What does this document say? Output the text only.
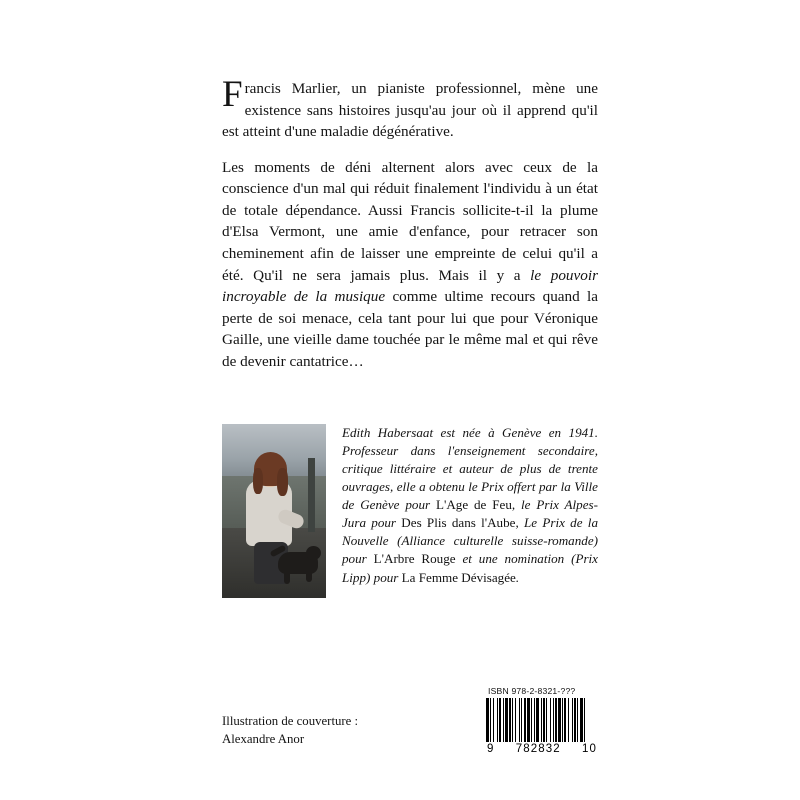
Francis Marlier, un pianiste professionnel, mène une existence sans histoires jusqu'au jour où il apprend qu'il est atteint d'une maladie dégénérative.

Les moments de déni alternent alors avec ceux de la conscience d'un mal qui réduit finalement l'individu à un état de totale dépendance. Aussi Francis sollicite-t-il la plume d'Elsa Vermont, une amie d'enfance, pour retracer son cheminement afin de laisser une empreinte de celui qu'il a été. Qu'il ne sera jamais plus. Mais il y a le pouvoir incroyable de la musique comme ultime recours quand la perte de soi menace, cela tant pour lui que pour Véronique Gaille, une vieille dame touchée par le même mal et qui rêve de devenir cantatrice…

Edith Habersaat est née à Genève en 1941. Professeur dans l'enseignement secondaire, critique littéraire et auteur de plus de trente ouvrages, elle a obtenu le Prix offert par la Ville de Genève pour L'Age de Feu, le Prix Alpes-Jura pour Des Plis dans l'Aube, Le Prix de la Nouvelle (Alliance culturelle suisse-romande) pour L'Arbre Rouge et une nomination (Prix Lipp) pour La Femme Dévisagée.
ISBN 978-2-8321-???
9 782832 10
Illustration de couverture :
Alexandre Anor
